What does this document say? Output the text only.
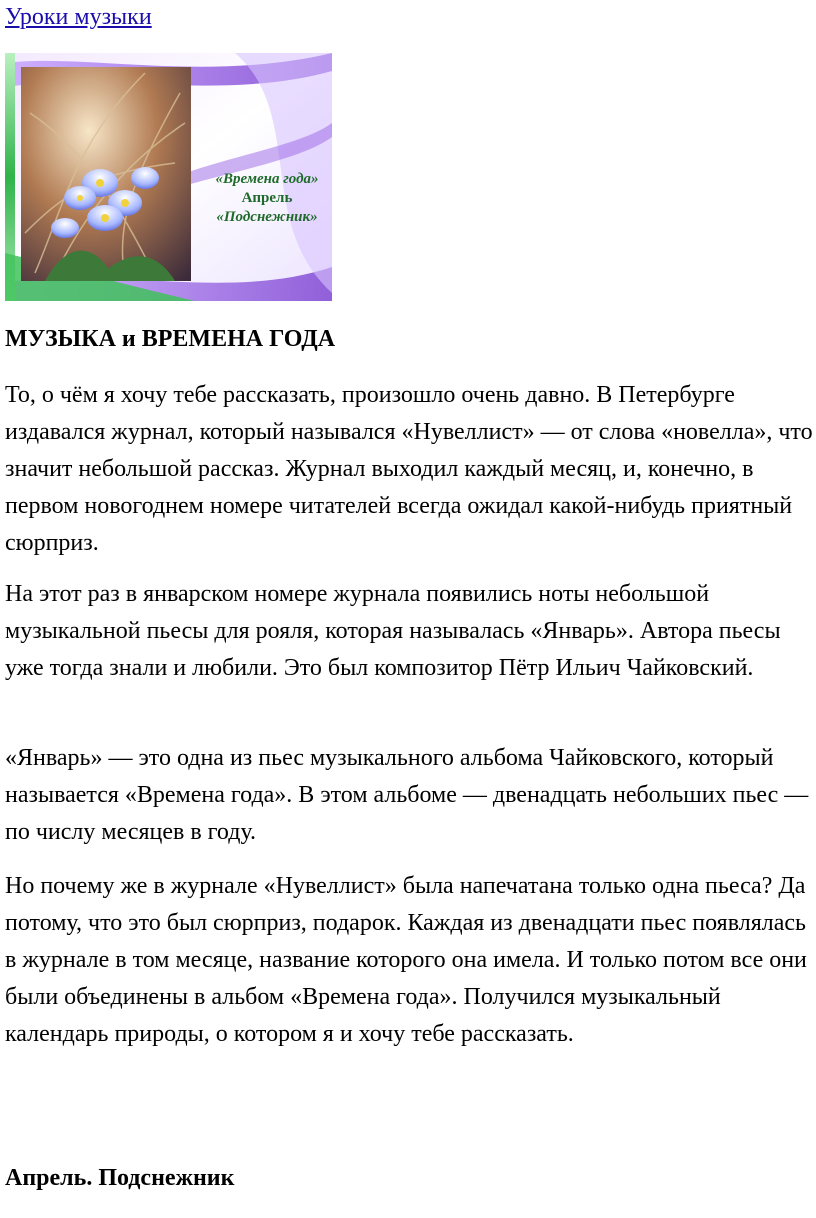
Уроки музыки
«Времена года»
Апрель
«Подснежник»
МУЗЫКА и ВРЕМЕНА ГОДА

То, о чём я хочу тебе рассказать, произошло очень давно. В Петербурге издавался журнал, который назывался «Нувеллист» — от слова «новелла», что значит небольшой рассказ. Журнал выходил каждый месяц, и, конечно, в первом новогоднем номере читателей всегда ожидал какой-нибудь приятный сюрприз.

На этот раз в январском номере журнала появились ноты небольшой музыкальной пьесы для рояля, которая называлась «Январь». Автора пьесы уже тогда знали и любили. Это был композитор Пётр Ильич Чайковский.

«Январь» — это одна из пьес музыкального альбома Чайковского, который называется «Времена года». В этом альбоме — двенадцать небольших пьес — по числу месяцев в году.

Но почему же в журнале «Нувеллист» была напечатана только одна пьеса? Да потому, что это был сюрприз, подарок. Каждая из двенадцати пьес появлялась в журнале в том месяце, название которого она имела. И только потом все они были объединены в альбом «Времена года». Получился музыкальный календарь природы, о котором я и хочу тебе рассказать.

Апрель. Подснежник
